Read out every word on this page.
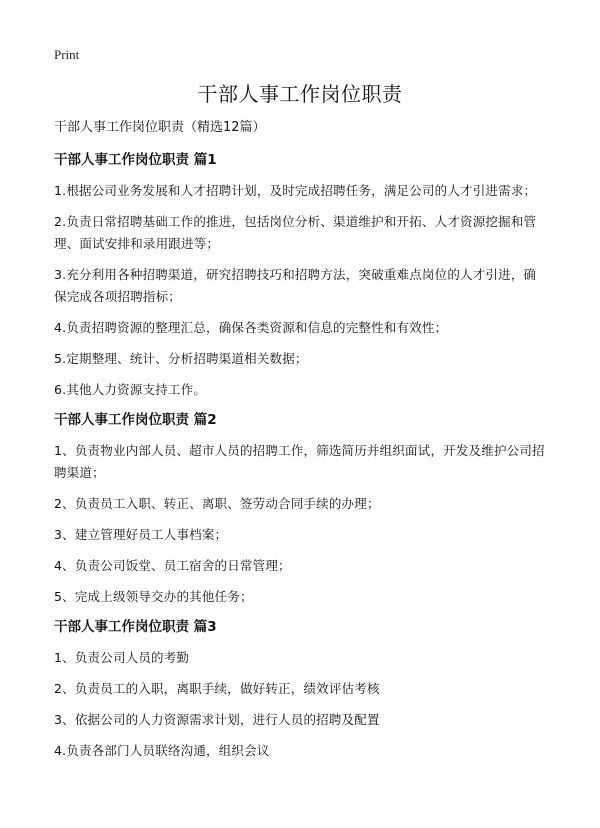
Print
干部人事工作岗位职责

干部人事工作岗位职责（精选12篇）

干部人事工作岗位职责 篇1

1.根据公司业务发展和人才招聘计划，及时完成招聘任务，满足公司的人才引进需求；

2.负责日常招聘基础工作的推进，包括岗位分析、渠道维护和开拓、人才资源挖掘和管理、面试安排和录用跟进等；

3.充分利用各种招聘渠道，研究招聘技巧和招聘方法，突破重难点岗位的人才引进，确保完成各项招聘指标；

4.负责招聘资源的整理汇总，确保各类资源和信息的完整性和有效性；

5.定期整理、统计、分析招聘渠道相关数据；

6.其他人力资源支持工作。

干部人事工作岗位职责 篇2

1、负责物业内部人员、超市人员的招聘工作，筛选简历并组织面试，开发及维护公司招聘渠道；

2、负责员工入职、转正、离职、签劳动合同手续的办理；

3、建立管理好员工人事档案；

4、负责公司饭堂、员工宿舍的日常管理；

5、完成上级领导交办的其他任务；

干部人事工作岗位职责 篇3

1、负责公司人员的考勤

2、负责员工的入职，离职手续，做好转正，绩效评估考核

3、依据公司的人力资源需求计划，进行人员的招聘及配置

4.负责各部门人员联络沟通，组织会议
